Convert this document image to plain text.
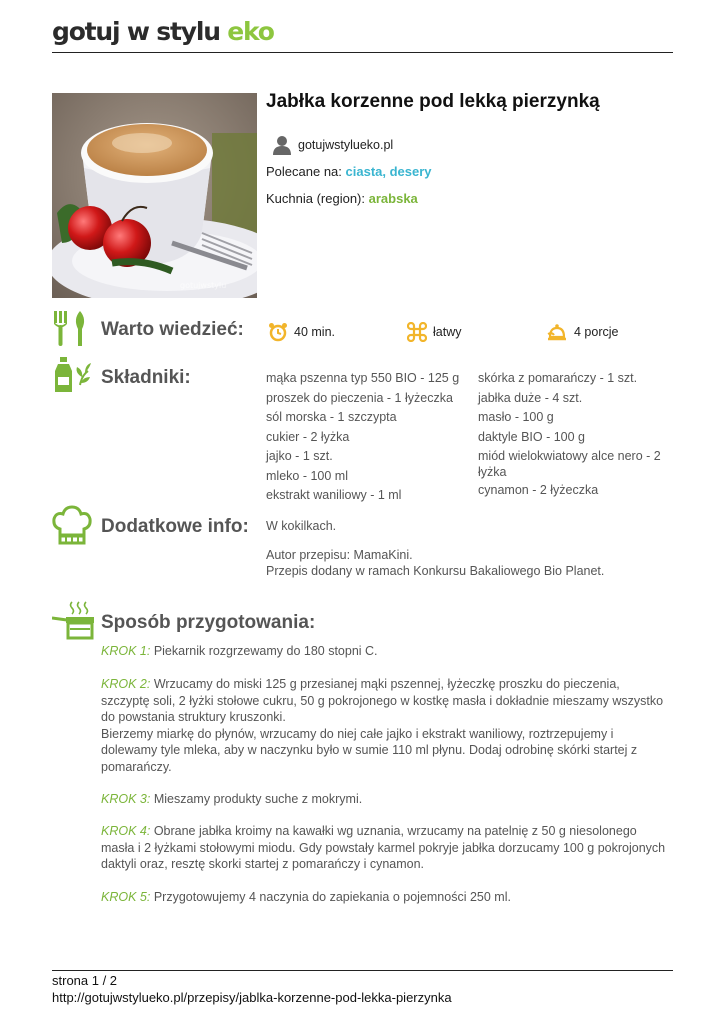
gotuj w stylu eko
gotujwstylu
Jabłka korzenne pod lekką pierzynką
gotujwstylueko.pl
Polecane na: ciasta, desery
Kuchnia (region): arabska
Warto wiedzieć:	40 min.	łatwy	4 porcje
Składniki:	mąka pszenna typ 550 BIO - 125 g
proszek do pieczenia - 1 łyżeczka
sól morska - 1 szczypta
cukier - 2 łyżka
jajko - 1 szt.
mleko - 100 ml
ekstrakt waniliowy - 1 ml
skórka z pomarańczy - 1 szt.
jabłka duże - 4 szt.
masło - 100 g
daktyle BIO - 100 g
miód wielokwiatowy alce nero - 2 łyżka
cynamon - 2 łyżeczka
Dodatkowe info: W kokilkach.
Autor przepisu: MamaKini.
Przepis dodany w ramach Konkursu Bakaliowego Bio Planet.
Sposób przygotowania:
KROK 1: Piekarnik rozgrzewamy do 180 stopni C.
KROK 2: Wrzucamy do miski 125 g przesianej mąki pszennej, łyżeczkę proszku do pieczenia, szczyptę soli, 2 łyżki stołowe cukru, 50 g pokrojonego w kostkę masła i dokładnie mieszamy wszystko do powstania struktury kruszonki.
Bierzemy miarkę do płynów, wrzucamy do niej całe jajko i ekstrakt waniliowy, roztrzepujemy i dolewamy tyle mleka, aby w naczynku było w sumie 110 ml płynu. Dodaj odrobinę skórki startej z pomarańczy.
KROK 3: Mieszamy produkty suche z mokrymi.
KROK 4: Obrane jabłka kroimy na kawałki wg uznania, wrzucamy na patelnię z 50 g niesolonego masła i 2 łyżkami stołowymi miodu. Gdy powstały karmel pokryje jabłka dorzucamy 100 g pokrojonych daktyli oraz, resztę skorki startej z pomarańczy i cynamon.
KROK 5: Przygotowujemy 4 naczynia do zapiekania o pojemności 250 ml.
strona 1 / 2
http://gotujwstylueko.pl/przepisy/jablka-korzenne-pod-lekka-pierzynka
